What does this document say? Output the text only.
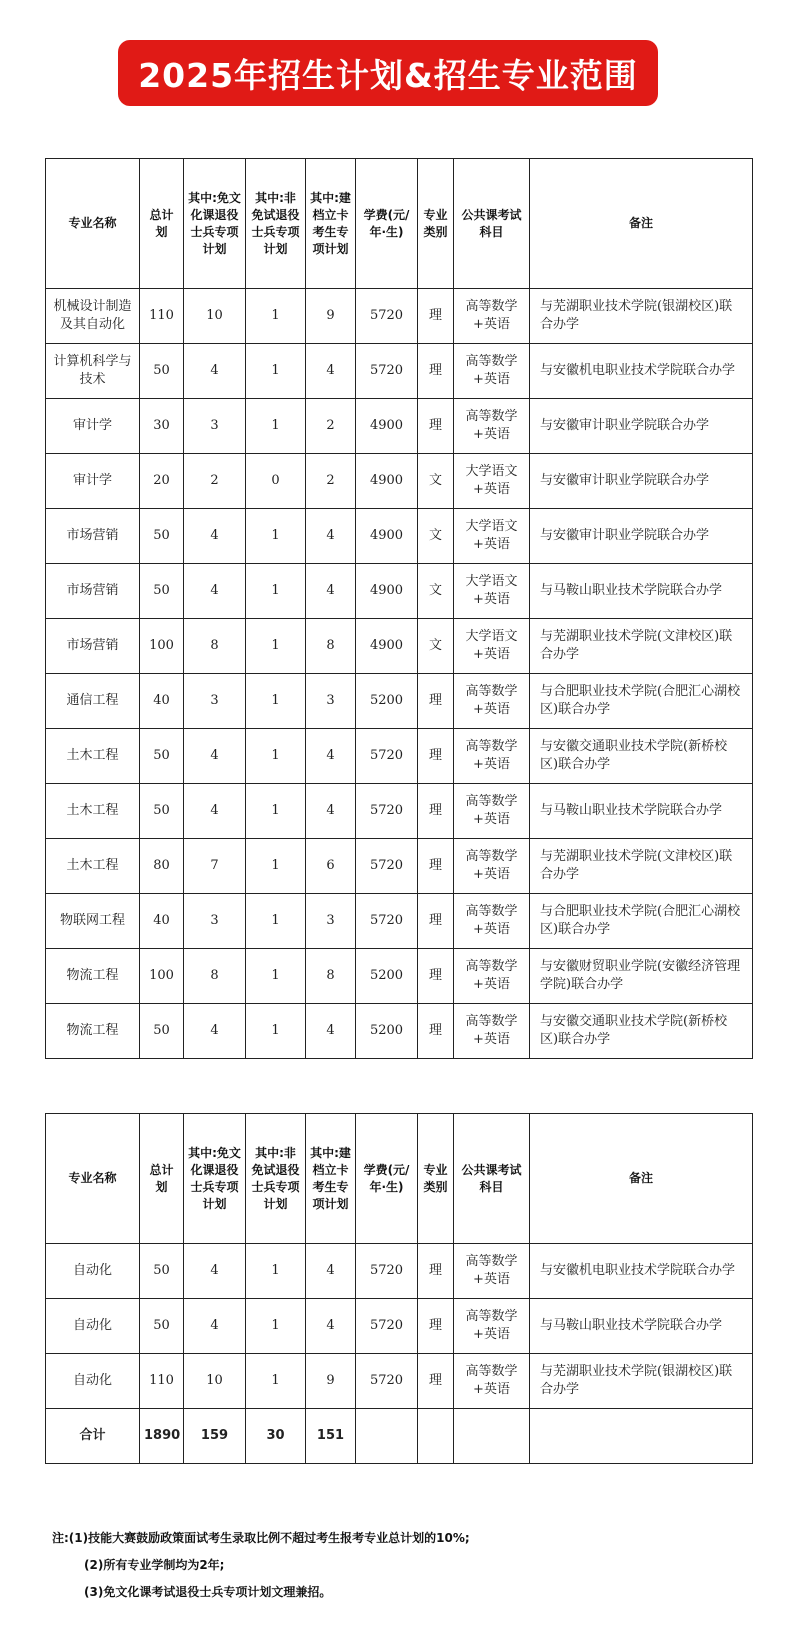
2025年招生计划&招生专业范围
专业名称	总计划	其中:免文化课退役士兵专项计划	其中:非免试退役士兵专项计划	其中:建档立卡考生专项计划	学费(元/年·生)	专业类别	公共课考试科目	备注
机械设计制造及其自动化	110	10	1	9	5720	理	高等数学+英语	与芜湖职业技术学院(银湖校区)联合办学
计算机科学与技术	50	4	1	4	5720	理	高等数学+英语	与安徽机电职业技术学院联合办学
审计学	30	3	1	2	4900	理	高等数学+英语	与安徽审计职业学院联合办学
审计学	20	2	0	2	4900	文	大学语文+英语	与安徽审计职业学院联合办学
市场营销	50	4	1	4	4900	文	大学语文+英语	与安徽审计职业学院联合办学
市场营销	50	4	1	4	4900	文	大学语文+英语	与马鞍山职业技术学院联合办学
市场营销	100	8	1	8	4900	文	大学语文+英语	与芜湖职业技术学院(文津校区)联合办学
通信工程	40	3	1	3	5200	理	高等数学+英语	与合肥职业技术学院(合肥汇心湖校区)联合办学
土木工程	50	4	1	4	5720	理	高等数学+英语	与安徽交通职业技术学院(新桥校区)联合办学
土木工程	50	4	1	4	5720	理	高等数学+英语	与马鞍山职业技术学院联合办学
土木工程	80	7	1	6	5720	理	高等数学+英语	与芜湖职业技术学院(文津校区)联合办学
物联网工程	40	3	1	3	5720	理	高等数学+英语	与合肥职业技术学院(合肥汇心湖校区)联合办学
物流工程	100	8	1	8	5200	理	高等数学+英语	与安徽财贸职业学院(安徽经济管理学院)联合办学
物流工程	50	4	1	4	5200	理	高等数学+英语	与安徽交通职业技术学院(新桥校区)联合办学
专业名称	总计划	其中:免文化课退役士兵专项计划	其中:非免试退役士兵专项计划	其中:建档立卡考生专项计划	学费(元/年·生)	专业类别	公共课考试科目	备注
自动化	50	4	1	4	5720	理	高等数学+英语	与安徽机电职业技术学院联合办学
自动化	50	4	1	4	5720	理	高等数学+英语	与马鞍山职业技术学院联合办学
自动化	110	10	1	9	5720	理	高等数学+英语	与芜湖职业技术学院(银湖校区)联合办学
合计	1890	159	30	151				
注:(1)技能大赛鼓励政策面试考生录取比例不超过考生报考专业总计划的10%;
(2)所有专业学制均为2年;
(3)免文化课考试退役士兵专项计划文理兼招。
